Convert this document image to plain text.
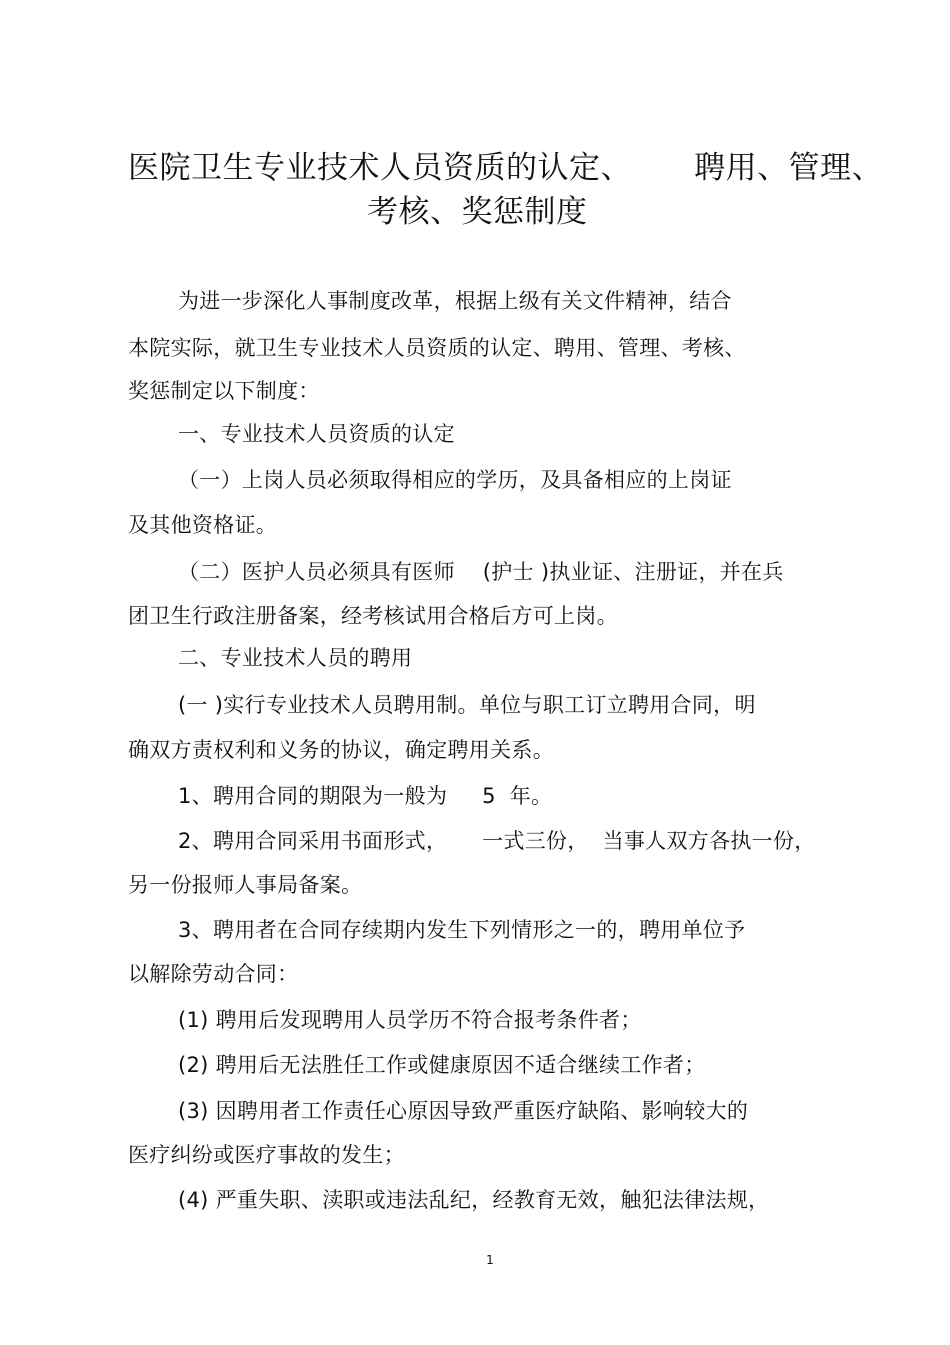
医院卫生专业技术人员资质的认定、      聘用、管理、
考核、奖惩制度
为进一步深化人事制度改革，根据上级有关文件精神，结合
本院实际，就卫生专业技术人员资质的认定、聘用、管理、考核、
奖惩制定以下制度：
一、专业技术人员资质的认定
（一）上岗人员必须取得相应的学历，及具备相应的上岗证
及其他资格证。
（二）医护人员必须具有医师    (护士 )执业证、注册证，并在兵
团卫生行政注册备案，经考核试用合格后方可上岗。
二、专业技术人员的聘用
(一 )实行专业技术人员聘用制。单位与职工订立聘用合同，明
确双方责权利和义务的协议，确定聘用关系。
1、聘用合同的期限为一般为     5  年。
2、聘用合同采用书面形式，     一式三份，  当事人双方各执一份，
另一份报师人事局备案。
3、聘用者在合同存续期内发生下列情形之一的，聘用单位予
以解除劳动合同：
(1) 聘用后发现聘用人员学历不符合报考条件者；
(2) 聘用后无法胜任工作或健康原因不适合继续工作者；
(3) 因聘用者工作责任心原因导致严重医疗缺陷、影响较大的
医疗纠纷或医疗事故的发生；
(4) 严重失职、渎职或违法乱纪，经教育无效，触犯法律法规，
1
